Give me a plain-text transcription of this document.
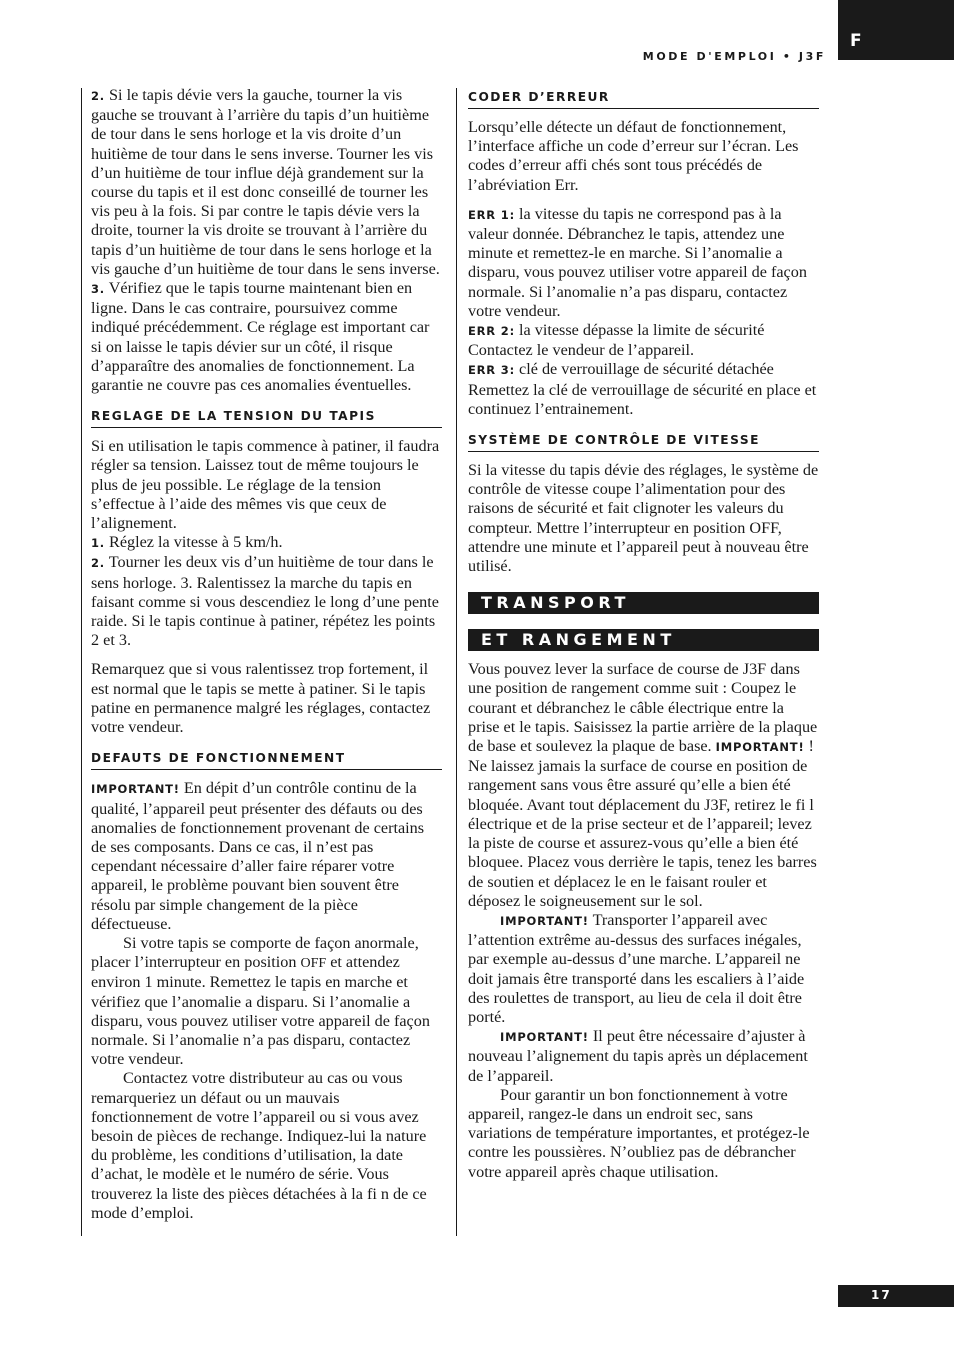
F
MODE D'EMPLOI • J3F

2. Si le tapis dévie vers la gauche, tourner la vis gauche se trouvant à l’arrière du tapis d’un huitième de tour dans le sens horloge et la vis droite d’un huitième de tour dans le sens inverse. Tourner les vis d’un huitième de tour influe déjà grandement sur la course du tapis et il est donc conseillé de tourner les vis peu à la fois. Si par contre le tapis dévie vers la droite, tourner la vis droite se trouvant à l’arrière du tapis d’un huitième de tour dans le sens horloge et la vis gauche d’un huitième de tour dans le sens inverse.

3. Vérifiez que le tapis tourne maintenant bien en ligne. Dans le cas contraire, poursuivez comme indiqué précédemment. Ce réglage est important car si on laisse le tapis dévier sur un côté, il risque d’apparaître des anomalies de fonctionnement. La garantie ne couvre pas ces anomalies éventuelles.

REGLAGE DE LA TENSION DU TAPIS

Si en utilisation le tapis commence à patiner, il faudra régler sa tension. Laissez tout de même toujours le plus de jeu possible. Le réglage de la tension s’effectue à l’aide des mêmes vis que ceux de l’alignement.

1. Réglez la vitesse à 5 km/h.

2. Tourner les deux vis d’un huitième de tour dans le sens horloge. 3. Ralentissez la marche du tapis en faisant comme si vous descendiez le long d’une pente raide. Si le tapis continue à patiner, répétez les points 2 et 3.

Remarquez que si vous ralentissez trop fortement, il est normal que le tapis se mette à patiner. Si le tapis patine en permanence malgré les réglages, contactez votre vendeur.

DEFAUTS DE FONCTIONNEMENT

IMPORTANT! En dépit d’un contrôle continu de la qualité, l’appareil peut présenter des défauts ou des anomalies de fonctionnement provenant de certains de ses composants. Dans ce cas, il n’est pas cependant nécessaire d’aller faire réparer votre appareil, le problème pouvant bien souvent être résolu par simple changement de la pièce défectueuse.

Si votre tapis se comporte de façon anormale, placer l’interrupteur en position OFF et attendez environ 1 minute. Remettez le tapis en marche et vérifiez que l’anomalie a disparu. Si l’anomalie a disparu, vous pouvez utiliser votre appareil de façon normale. Si l’anomalie n’a pas disparu, contactez votre vendeur.

Contactez votre distributeur au cas ou vous remarqueriez un défaut ou un mauvais fonctionnement de votre l’appareil ou si vous avez besoin de pièces de rechange. Indiquez-lui la nature du problème, les conditions d’utilisation, la date d’achat, le modèle et le numéro de série. Vous trouverez la liste des pièces détachées à la fi n de ce mode d’emploi.

CODER D’ERREUR

Lorsqu’elle détecte un défaut de fonctionnement, l’interface affiche un code d’erreur sur l’écran. Les codes d’erreur affi chés sont tous précédés de l’abréviation Err.

ERR 1: la vitesse du tapis ne correspond pas à la valeur donnée. Débranchez le tapis, attendez une minute et remettez-le en marche. Si l’anomalie a disparu, vous pouvez utiliser votre appareil de façon normale. Si l’anomalie n’a pas disparu, contactez votre vendeur.

ERR 2: la vitesse dépasse la limite de sécurité Contactez le vendeur de l’appareil.

ERR 3: clé de verrouillage de sécurité détachée Remettez la clé de verrouillage de sécurité en place et continuez l’entrainement.

SYSTÈME DE CONTRÔLE DE VITESSE

Si la vitesse du tapis dévie des réglages, le système de contrôle de vitesse coupe l’alimentation pour des raisons de sécurité et fait clignoter les valeurs du compteur. Mettre l’interrupteur en position OFF, attendre une minute et l’appareil peut à nouveau être utilisé.

TRANSPORT
ET RANGEMENT

Vous pouvez lever la surface de course de J3F dans une position de rangement comme suit : Coupez le courant et débranchez le câble électrique entre la prise et le tapis. Saisissez la partie arrière de la plaque de base et soulevez la plaque de base. IMPORTANT! ! Ne laissez jamais la surface de course en position de rangement sans vous être assuré qu’elle a bien été bloquée. Avant tout déplacement du J3F, retirez le fi l électrique et de la prise secteur et de l’appareil; levez la piste de course et assurez-vous qu’elle a bien été bloquee. Placez vous derrière le tapis, tenez les barres de soutien et déplacez le en le faisant rouler et déposez le soigneusement sur le sol.

IMPORTANT! Transporter l’appareil avec l’attention extrême au-dessus des surfaces inégales, par exemple au-dessus d’une marche. L’appareil ne doit jamais être transporté dans les escaliers à l’aide des roulettes de transport, au lieu de cela il doit être porté.

IMPORTANT! Il peut être nécessaire d’ajuster à nouveau l’alignement du tapis après un déplacement de l’appareil.

Pour garantir un bon fonctionnement à votre appareil, rangez-le dans un endroit sec, sans variations de température importantes, et protégez-le contre les poussières. N’oubliez pas de débrancher votre appareil après chaque utilisation.

17
